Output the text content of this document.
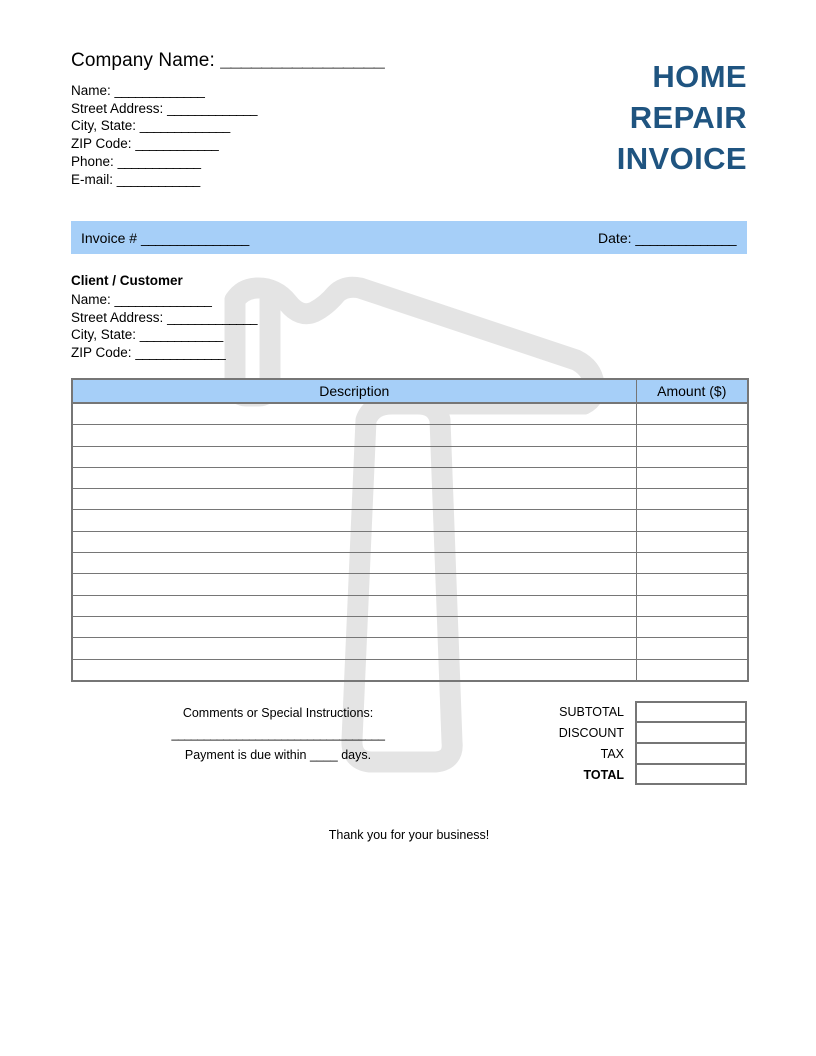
Company Name: ________________
Name: _____________
Street Address: _____________
City, State: _____________
ZIP Code: ____________
Phone: ____________
E-mail: ____________
HOME
REPAIR
INVOICE
Invoice # _______________	Date: ______________
Client / Customer
Name: ______________
Street Address: _____________
City, State: ____________
ZIP Code: _____________
Description	Amount ($)

Comments or Special Instructions:
_________________________________
Payment is due within ____ days.
SUBTOTAL
DISCOUNT
TAX
TOTAL
Thank you for your business!
